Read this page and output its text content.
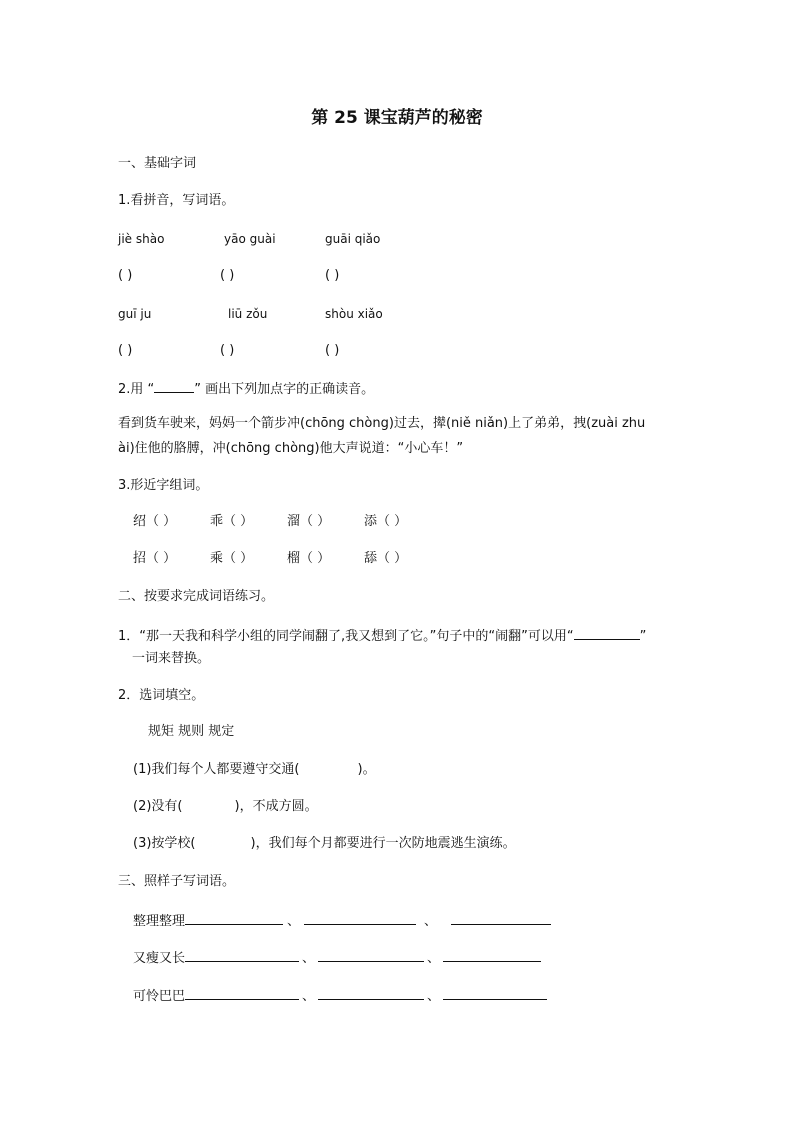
第 25 课宝葫芦的秘密
一、基础字词
1.看拼音，写词语。
jiè shào	yāo guài	guāi qiǎo
( )	( )	( )
guī ju	liū zǒu	shòu xiǎo
( )	( )	( )
2.用 “	” 画出下列加点字的正确读音。
看到货车驶来，妈妈一个箭步冲(chōng chòng)过去，撵(niě niǎn)上了弟弟，拽(zuài zhu
ài)住他的胳膊，冲(chōng chòng)他大声说道：“小心车！”
3.形近字组词。
绍（ ）	乖（ ）	溜（ ）	添（ ）
招（ ）	乘（ ）	榴（ ）	舔（ ）
二、按要求完成词语练习。
1．“那一天我和科学小组的同学闹翻了,我又想到了它。”句子中的“闹翻”可以用“	”
一词来替换。
2．选词填空。
规矩 规则 规定
(1)我们每个人都要遵守交通(	)。
(2)没有(	)，不成方圆。
(3)按学校(	)，我们每个月都要进行一次防地震逃生演练。
三、照样子写词语。
整理整理	、	、
又瘦又长	、	、
可怜巴巴	、	、
